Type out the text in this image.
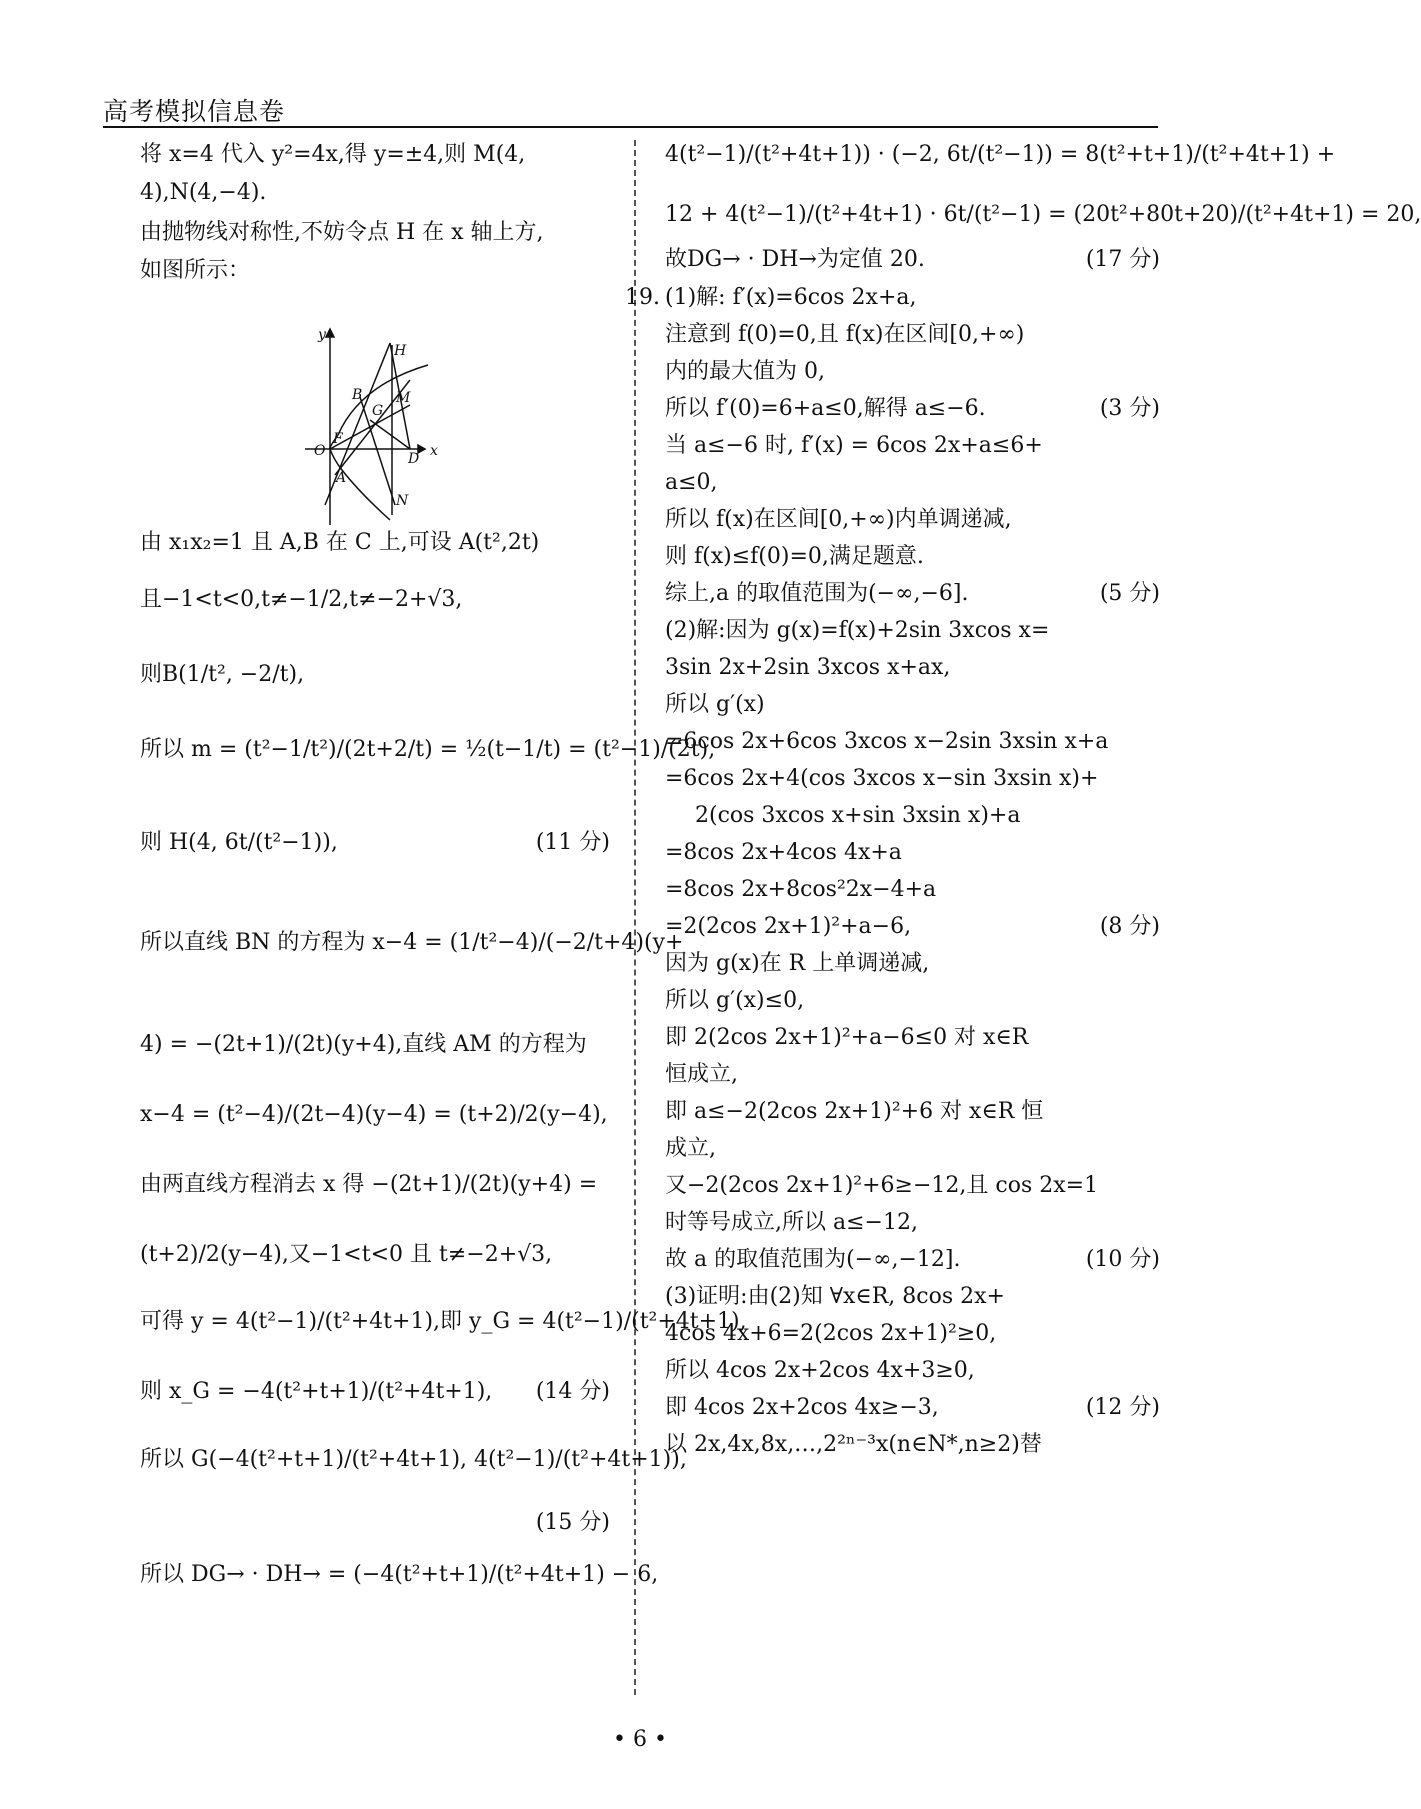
高考模拟信息卷
将 x=4 代入 y²=4x,得 y=±4,则 M(4,
4),N(4,−4).
由抛物线对称性,不妨令点 H 在 x 轴上方,
如图所示：
y
H
B M
G
F
O	D x
A
N
由 x₁x₂=1 且 A,B 在 C 上,可设 A(t²,2t)
且−1<t<0,t≠−1/2,t≠−2+√3,
则B(1/t², −2/t),
所以 m = (t²−1/t²)/(2t+2/t) = ½(t−1/t) = (t²−1)/(2t),
则 H(4, 6t/(t²−1)),	(11 分)
所以直线 BN 的方程为 x−4 = (1/t²−4)/(−2/t+4)(y+
4) = −(2t+1)/(2t)(y+4),直线 AM 的方程为
x−4 = (t²−4)/(2t−4)(y−4) = (t+2)/2(y−4),
由两直线方程消去 x 得 −(2t+1)/(2t)(y+4) =
(t+2)/2(y−4),又−1<t<0 且 t≠−2+√3,
可得 y = 4(t²−1)/(t²+4t+1),即 y_G = 4(t²−1)/(t²+4t+1),
则 x_G = −4(t²+t+1)/(t²+4t+1), (14 分)
所以 G(−4(t²+t+1)/(t²+4t+1), 4(t²−1)/(t²+4t+1)),
(15 分)
所以 DG→ · DH→ = (−4(t²+t+1)/(t²+4t+1) − 6,
4(t²−1)/(t²+4t+1)) · (−2, 6t/(t²−1)) = 8(t²+t+1)/(t²+4t+1) +
12 + 4(t²−1)/(t²+4t+1) · 6t/(t²−1) = (20t²+80t+20)/(t²+4t+1) = 20,
故DG→ · DH→为定值 20.	(17 分)
19. (1)解: f′(x)=6cos 2x+a,
注意到 f(0)=0,且 f(x)在区间[0,+∞)
内的最大值为 0,
所以 f′(0)=6+a≤0,解得 a≤−6.	(3 分)
当 a≤−6 时, f′(x) = 6cos 2x+a≤6+
a≤0,
所以 f(x)在区间[0,+∞)内单调递减,
则 f(x)≤f(0)=0,满足题意.
综上,a 的取值范围为(−∞,−6].	(5 分)
(2)解:因为 g(x)=f(x)+2sin 3xcos x=
3sin 2x+2sin 3xcos x+ax,
所以 g′(x)
=6cos 2x+6cos 3xcos x−2sin 3xsin x+a
=6cos 2x+4(cos 3xcos x−sin 3xsin x)+
2(cos 3xcos x+sin 3xsin x)+a
=8cos 2x+4cos 4x+a
=8cos 2x+8cos²2x−4+a
=2(2cos 2x+1)²+a−6,	(8 分)
因为 g(x)在 R 上单调递减,
所以 g′(x)≤0,
即 2(2cos 2x+1)²+a−6≤0 对 x∈R
恒成立,
即 a≤−2(2cos 2x+1)²+6 对 x∈R 恒
成立,
又−2(2cos 2x+1)²+6≥−12,且 cos 2x=1
时等号成立,所以 a≤−12,
故 a 的取值范围为(−∞,−12].	(10 分)
(3)证明:由(2)知 ∀x∈R, 8cos 2x+
4cos 4x+6=2(2cos 2x+1)²≥0,
所以 4cos 2x+2cos 4x+3≥0,
即 4cos 2x+2cos 4x≥−3,	(12 分)
以 2x,4x,8x,…,2²ⁿ⁻³x(n∈N*,n≥2)替
• 6 •
